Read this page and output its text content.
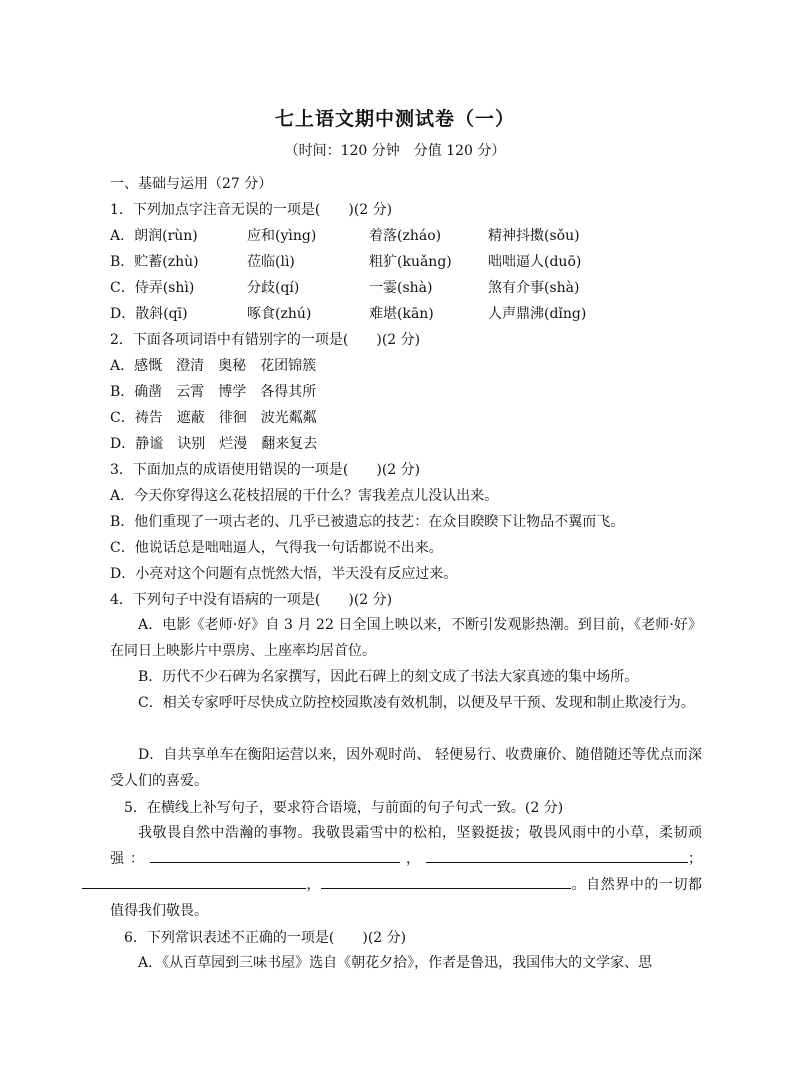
七上语文期中测试卷（一）
（时间：120 分钟　分值 120 分）
一、基础与运用（27 分）
1．下列加点字注音无误的一项是(　　)(2 分)
A．朗润(rùn)	应和(yìng)	着落(zháo)	精神抖擞(sǒu)
B．贮蓄(zhù)	莅临(lì)	粗犷(kuǎng)	咄咄逼人(duō)
C．侍弄(shì)	分歧(qí)	一霎(shà)	煞有介事(shà)
D．散斜(qī)	啄食(zhú)	难堪(kān)	人声鼎沸(dǐng)
2．下面各项词语中有错别字的一项是(　　)(2 分)
A．感慨　澄清　奥秘　花团锦簇
B．确凿　云霄　博学　各得其所
C．祷告　遮蔽　徘徊　波光粼粼
D．静谧　诀别　烂漫　翻来复去
3．下面加点的成语使用错误的一项是(　　)(2 分)
A．今天你穿得这么花枝招展的干什么？害我差点儿没认出来。
B．他们重现了一项古老的、几乎已被遗忘的技艺：在众目睽睽下让物品不翼而飞。
C．他说话总是咄咄逼人，气得我一句话都说不出来。
D．小亮对这个问题有点恍然大悟，半天没有反应过来。
4．下列句子中没有语病的一项是(　　)(2 分)
A．电影《老师·好》自 3 月 22 日全国上映以来，不断引发观影热潮。到目前，《老师·好》在同日上映影片中票房、上座率均居首位。
B．历代不少石碑为名家撰写，因此石碑上的刻文成了书法大家真迹的集中场所。
C．相关专家呼吁尽快成立防控校园欺凌有效机制，以便及早干预、发现和制止欺凌行为。
D．自共享单车在衡阳运营以来，因外观时尚、 轻便易行、收费廉价、随借随还等优点而深受人们的喜爱。
5．在横线上补写句子，要求符合语境，与前面的句子句式一致。(2 分)
我敬畏自然中浩瀚的事物。我敬畏霜雪中的松柏，坚毅挺拔；敬畏风雨中的小草，柔韧顽强：	，	；，	。自然界中的一切都值得我们敬畏。
6．下列常识表述不正确的一项是(　　)(2 分)
A．《从百草园到三味书屋》选自《朝花夕拾》，作者是鲁迅，我国伟大的文学家、思
